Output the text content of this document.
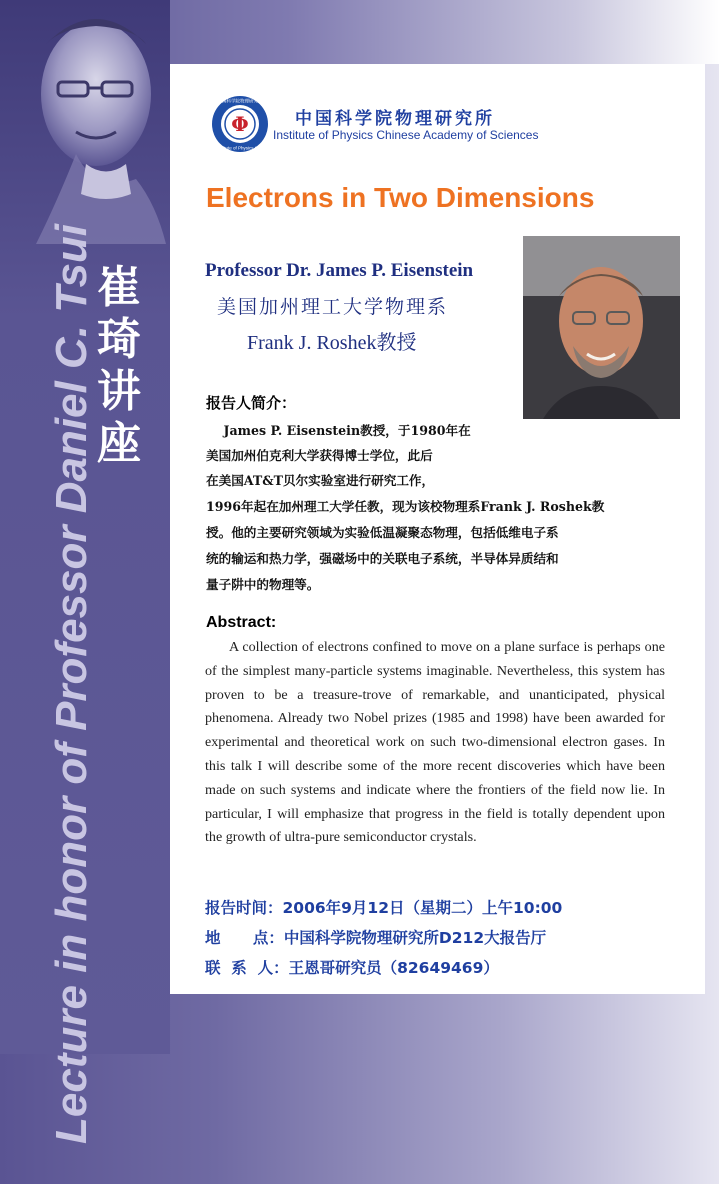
Lecture in honor of Professor Daniel C. Tsui 崔
琦
讲
座
Φ
中国科学院物理研究所
Institute of Physics CAS
中国科学院物理研究所
Institute of Physics Chinese Academy of Sciences
Electrons in Two Dimensions
Professor Dr. James P. Eisenstein
美国加州理工大学物理系
Frank J. Roshek教授
报告人简介：
James P. Eisenstein教授，于1980年在
美国加州伯克利大学获得博士学位，此后
在美国AT&T贝尔实验室进行研究工作，
1996年起在加州理工大学任教，现为该校物理系Frank J. Roshek教
授。他的主要研究领域为实验低温凝聚态物理，包括低维电子系
统的输运和热力学，强磁场中的关联电子系统，半导体异质结和
量子阱中的物理等。
Abstract:
A collection of electrons confined to move on a plane surface is perhaps one of the simplest many-particle systems imaginable. Nevertheless, this system has proven to be a treasure-trove of remarkable, and unanticipated, physical phenomena. Already two Nobel prizes (1985 and 1998) have been awarded for experimental and theoretical work on such two-dimensional electron gases. In this talk I will describe some of the more recent discoveries which have been made on such systems and indicate where the frontiers of the field now lie. In particular, I will emphasize that progress in the field is totally dependent upon the growth of ultra-pure semiconductor crystals.
报告时间：2006年9月12日（星期二）上午10:00
地      点：中国科学院物理研究所D212大报告厅
联  系  人：王恩哥研究员（82649469）
